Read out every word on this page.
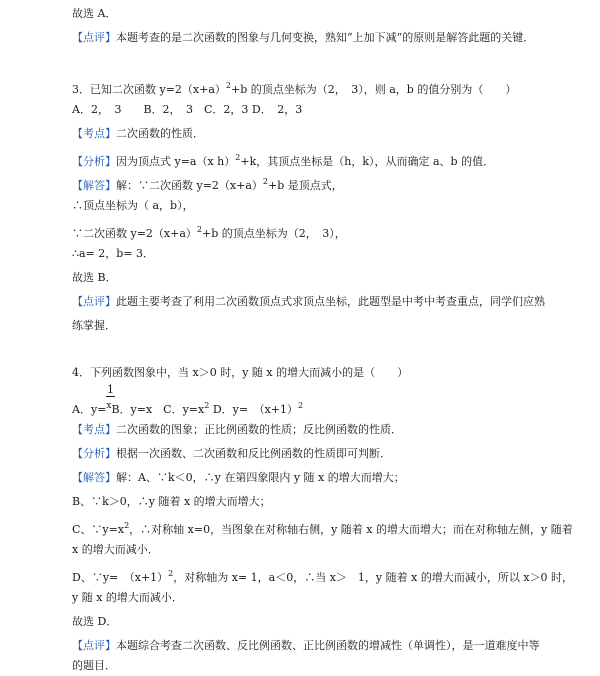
故选 A．
【点评】本题考查的是二次函数的图象与几何变换，熟知“上加下减”的原则是解答此题的关键．
3．已知二次函数 $y=2(x+a)^2+b$ 的顶点坐标为（2，　3），则 a，b 的值分别为（　　）
A．2，　3　　B．2，　3　C．2，3 D．　2，3
【考点】二次函数的性质．
【分析】因为顶点式 y=a（x h）$^2$+k，其顶点坐标是（h，k），从而确定 a、b 的值．
【解答】解：∵二次函数 $y=2(x+a)^2+b$ 是顶点式，
∴顶点坐标为（ a，b），
∵二次函数 $y=2(x+a)^2+b$ 的顶点坐标为（2，　3），
∴a= 2，b= 3．
故选 B．
【点评】此题主要考查了利用二次函数顶点式求顶点坐标，此题型是中考中考查重点，同学们应熟
练掌握．
4．下列函数图象中，当 x＞0 时，y 随 x 的增大而减小的是（　　）
1
A．y=$^x$B．y=x　C．$y=x^2$ D．y=　$(x+1)^2$
【考点】二次函数的图象；正比例函数的性质；反比例函数的性质．
【分析】根据一次函数、二次函数和反比例函数的性质即可判断．
【解答】解：A、∵k＜0，∴y 在第四象限内 y 随 x 的增大而增大；
B、∵k＞0，∴y 随着 x 的增大而增大；
C、$\because y=x^2$，∴对称轴 x=0，当图象在对称轴右侧，y 随着 x 的增大而增大；而在对称轴左侧，y 随着
x 的增大而减小．
D、∵y=　$(x+1)^2$，对称轴为 x= 1，a＜0，∴当 x＞　1，y 随着 x 的增大而减小，所以 x＞0 时，
y 随 x 的增大而减小．
故选 D．
【点评】本题综合考查二次函数、反比例函数、正比例函数的增减性（单调性），是一道难度中等
的题目．
